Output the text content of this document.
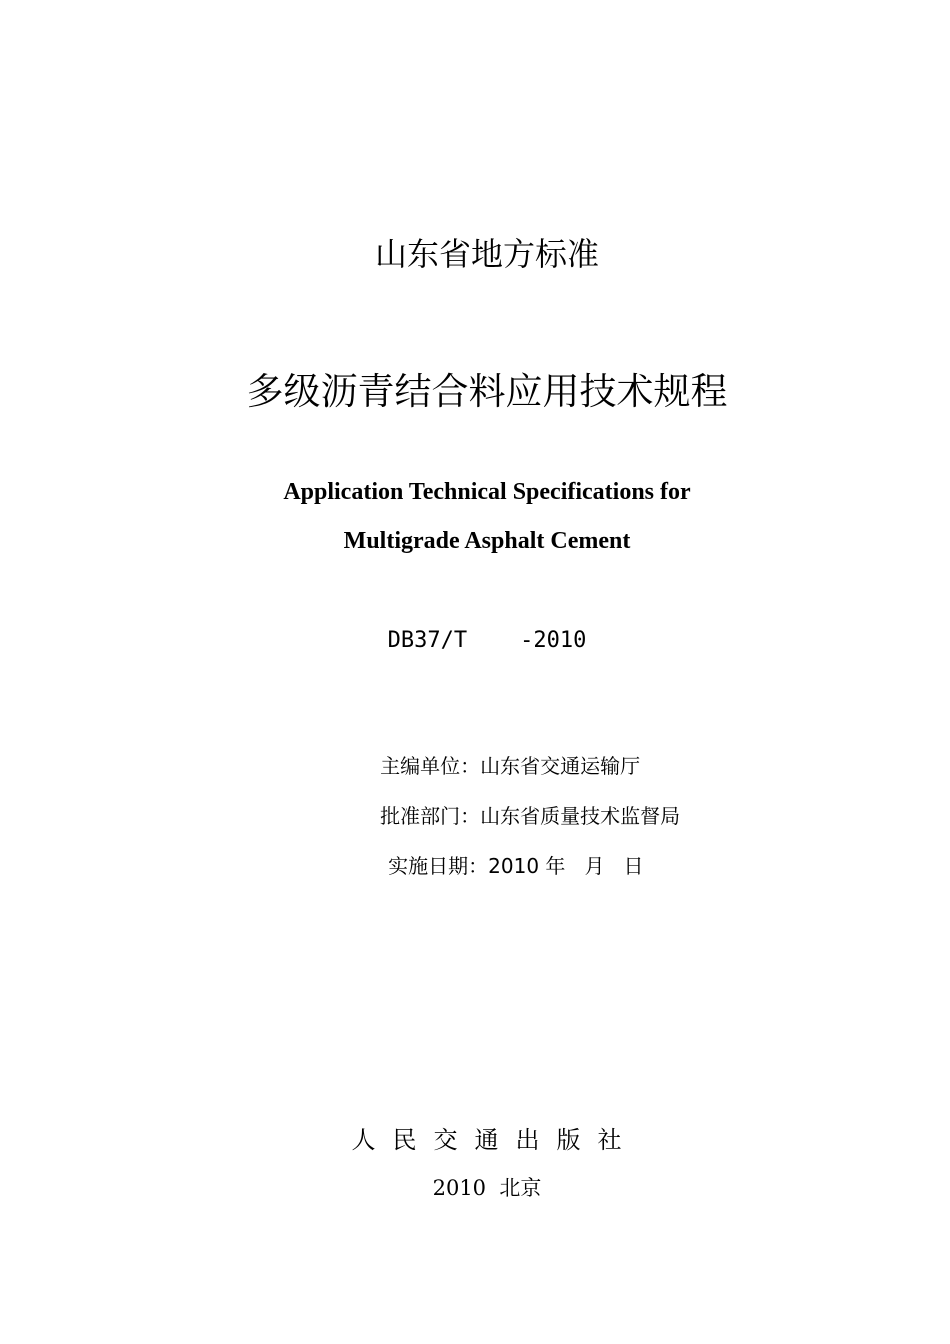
山东省地方标准
多级沥青结合料应用技术规程
Application Technical Specifications for
Multigrade Asphalt Cement
DB37/T    -2010

主编单位：山东省交通运输厅

批准部门：山东省质量技术监督局

实施日期：2010 年   月   日

人民交通出版社
2010  北京
